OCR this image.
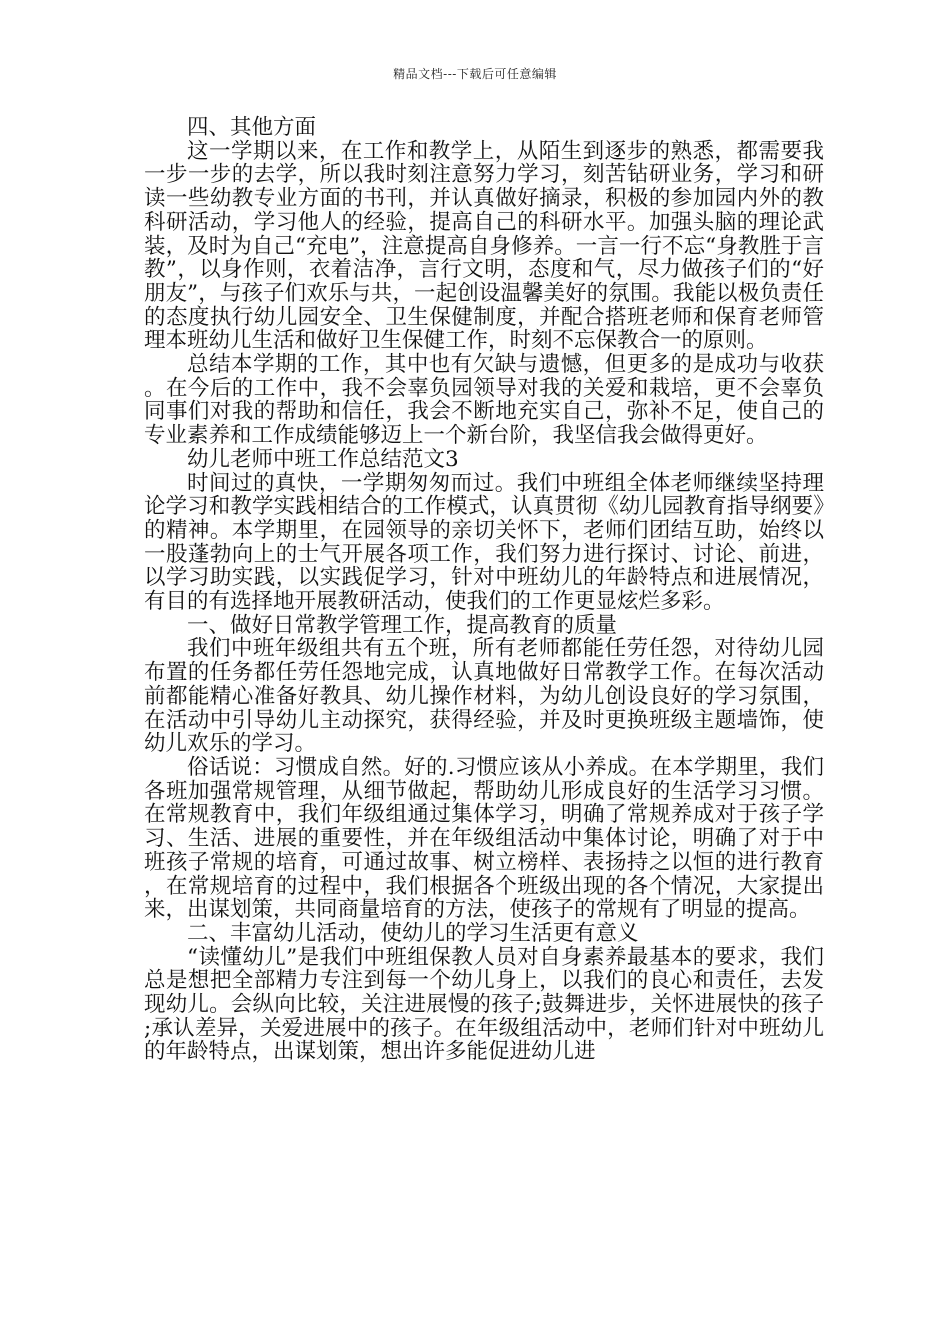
精品文档---下载后可任意编辑

四、其他方面

这一学期以来，在工作和教学上，从陌生到逐步的熟悉，都需要我一步一步的去学，所以我时刻注意努力学习，刻苦钻研业务，学习和研读一些幼教专业方面的书刊，并认真做好摘录，积极的参加园内外的教科研活动，学习他人的经验，提高自己的科研水平。加强头脑的理论武装，及时为自己“充电”，注意提高自身修养。一言一行不忘“身教胜于言教”，以身作则，衣着洁净，言行文明，态度和气，尽力做孩子们的“好朋友”，与孩子们欢乐与共，一起创设温馨美好的氛围。我能以极负责任的态度执行幼儿园安全、卫生保健制度，并配合搭班老师和保育老师管理本班幼儿生活和做好卫生保健工作，时刻不忘保教合一的原则。

总结本学期的工作，其中也有欠缺与遗憾，但更多的是成功与收获。在今后的工作中，我不会辜负园领导对我的关爱和栽培，更不会辜负同事们对我的帮助和信任，我会不断地充实自己，弥补不足，使自己的专业素养和工作成绩能够迈上一个新台阶，我坚信我会做得更好。

幼儿老师中班工作总结范文3

时间过的真快，一学期匆匆而过。我们中班组全体老师继续坚持理论学习和教学实践相结合的工作模式，认真贯彻《幼儿园教育指导纲要》的精神。本学期里，在园领导的亲切关怀下，老师们团结互助，始终以一股蓬勃向上的士气开展各项工作，我们努力进行探讨、讨论、前进，以学习助实践，以实践促学习，针对中班幼儿的年龄特点和进展情况，有目的有选择地开展教研活动，使我们的工作更显炫烂多彩。

一、做好日常教学管理工作，提高教育的质量

我们中班年级组共有五个班，所有老师都能任劳任怨，对待幼儿园布置的任务都任劳任怨地完成，认真地做好日常教学工作。在每次活动前都能精心准备好教具、幼儿操作材料，为幼儿创设良好的学习氛围，在活动中引导幼儿主动探究，获得经验，并及时更换班级主题墙饰，使幼儿欢乐的学习。

俗话说：习惯成自然。好的.习惯应该从小养成。在本学期里，我们各班加强常规管理，从细节做起，帮助幼儿形成良好的生活学习习惯。在常规教育中，我们年级组通过集体学习，明确了常规养成对于孩子学习、生活、进展的重要性，并在年级组活动中集体讨论，明确了对于中班孩子常规的培育，可通过故事、树立榜样、表扬持之以恒的进行教育，在常规培育的过程中，我们根据各个班级出现的各个情况，大家提出来，出谋划策，共同商量培育的方法，使孩子的常规有了明显的提高。

二、丰富幼儿活动，使幼儿的学习生活更有意义

“读懂幼儿”是我们中班组保教人员对自身素养最基本的要求，我们总是想把全部精力专注到每一个幼儿身上，以我们的良心和责任，去发现幼儿。会纵向比较，关注进展慢的孩子;鼓舞进步，关怀进展快的孩子;承认差异，关爱进展中的孩子。在年级组活动中，老师们针对中班幼儿的年龄特点，出谋划策，想出许多能促进幼儿进
